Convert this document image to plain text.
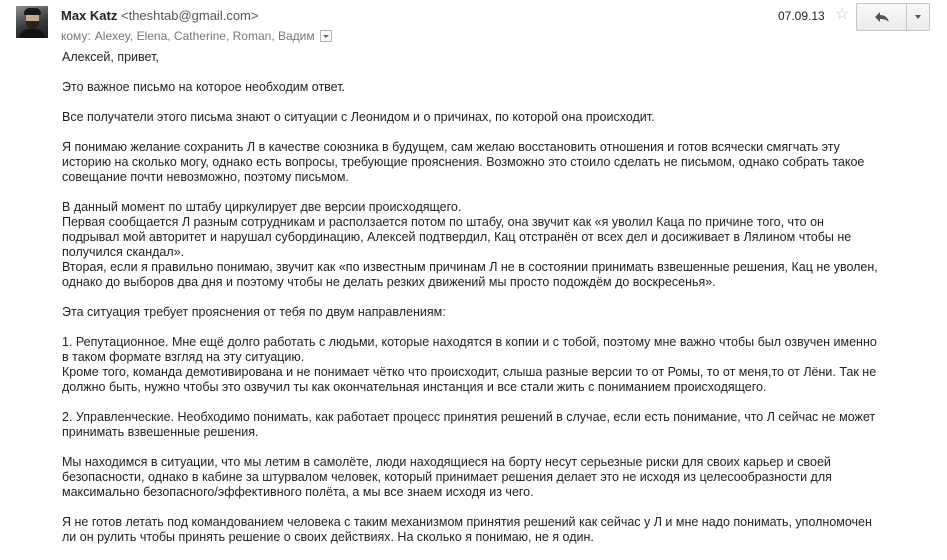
Max Katz <theshtab@gmail.com>
кому: Alexey, Elena, Catherine, Roman, Вадим
07.09.13 ☆

Алексей, привет,

Это важное письмо на которое необходим ответ.

Все получатели этого письма знают о ситуации с Леонидом и о причинах, по которой она происходит.

Я понимаю желание сохранить Л в качестве союзника в будущем, сам желаю восстановить отношения и готов всячески смягчать эту
историю на сколько могу, однако есть вопросы, требующие прояснения. Возможно это стоило сделать не письмом, однако собрать такое
совещание почти невозможно, поэтому письмом.

В данный момент по штабу циркулирует две версии происходящего.
Первая сообщается Л разным сотрудникам и расползается потом по штабу, она звучит как «я уволил Каца по причине того, что он
подрывал мой авторитет и нарушал субординацию, Алексей подтвердил, Кац отстранён от всех дел и досиживает в Лялином чтобы не
получился скандал».
Вторая, если я правильно понимаю, звучит как «по известным причинам Л не в состоянии принимать взвешенные решения, Кац не уволен,
однако до выборов два дня и поэтому чтобы не делать резких движений мы просто подождём до воскресенья».

Эта ситуация требует прояснения от тебя по двум направлениям:

1. Репутационное. Мне ещё долго работать с людьми, которые находятся в копии и с тобой, поэтому мне важно чтобы был озвучен именно
в таком формате взгляд на эту ситуацию.
Кроме того, команда демотивирована и не понимает чётко что происходит, слыша разные версии то от Ромы, то от меня,то от Лёни. Так не
должно быть, нужно чтобы это озвучил ты как окончательная инстанция и все стали жить с пониманием происходящего.

2. Управленческие. Необходимо понимать, как работает процесс принятия решений в случае, если есть понимание, что Л сейчас не может
принимать взвешенные решения.

Мы находимся в ситуации, что мы летим в самолёте, люди находящиеся на борту несут серьезные риски для своих карьер и своей
безопасности, однако в кабине за штурвалом человек, который принимает решения делает это не исходя из целесообразности для
максимально безопасного/эффективного полёта, а мы все знаем исходя из чего.

Я не готов летать под командованием человека с таким механизмом принятия решений как сейчас у Л и мне надо понимать, уполномочен
ли он рулить чтобы принять решение о своих действиях. На сколько я понимаю, не я один.
